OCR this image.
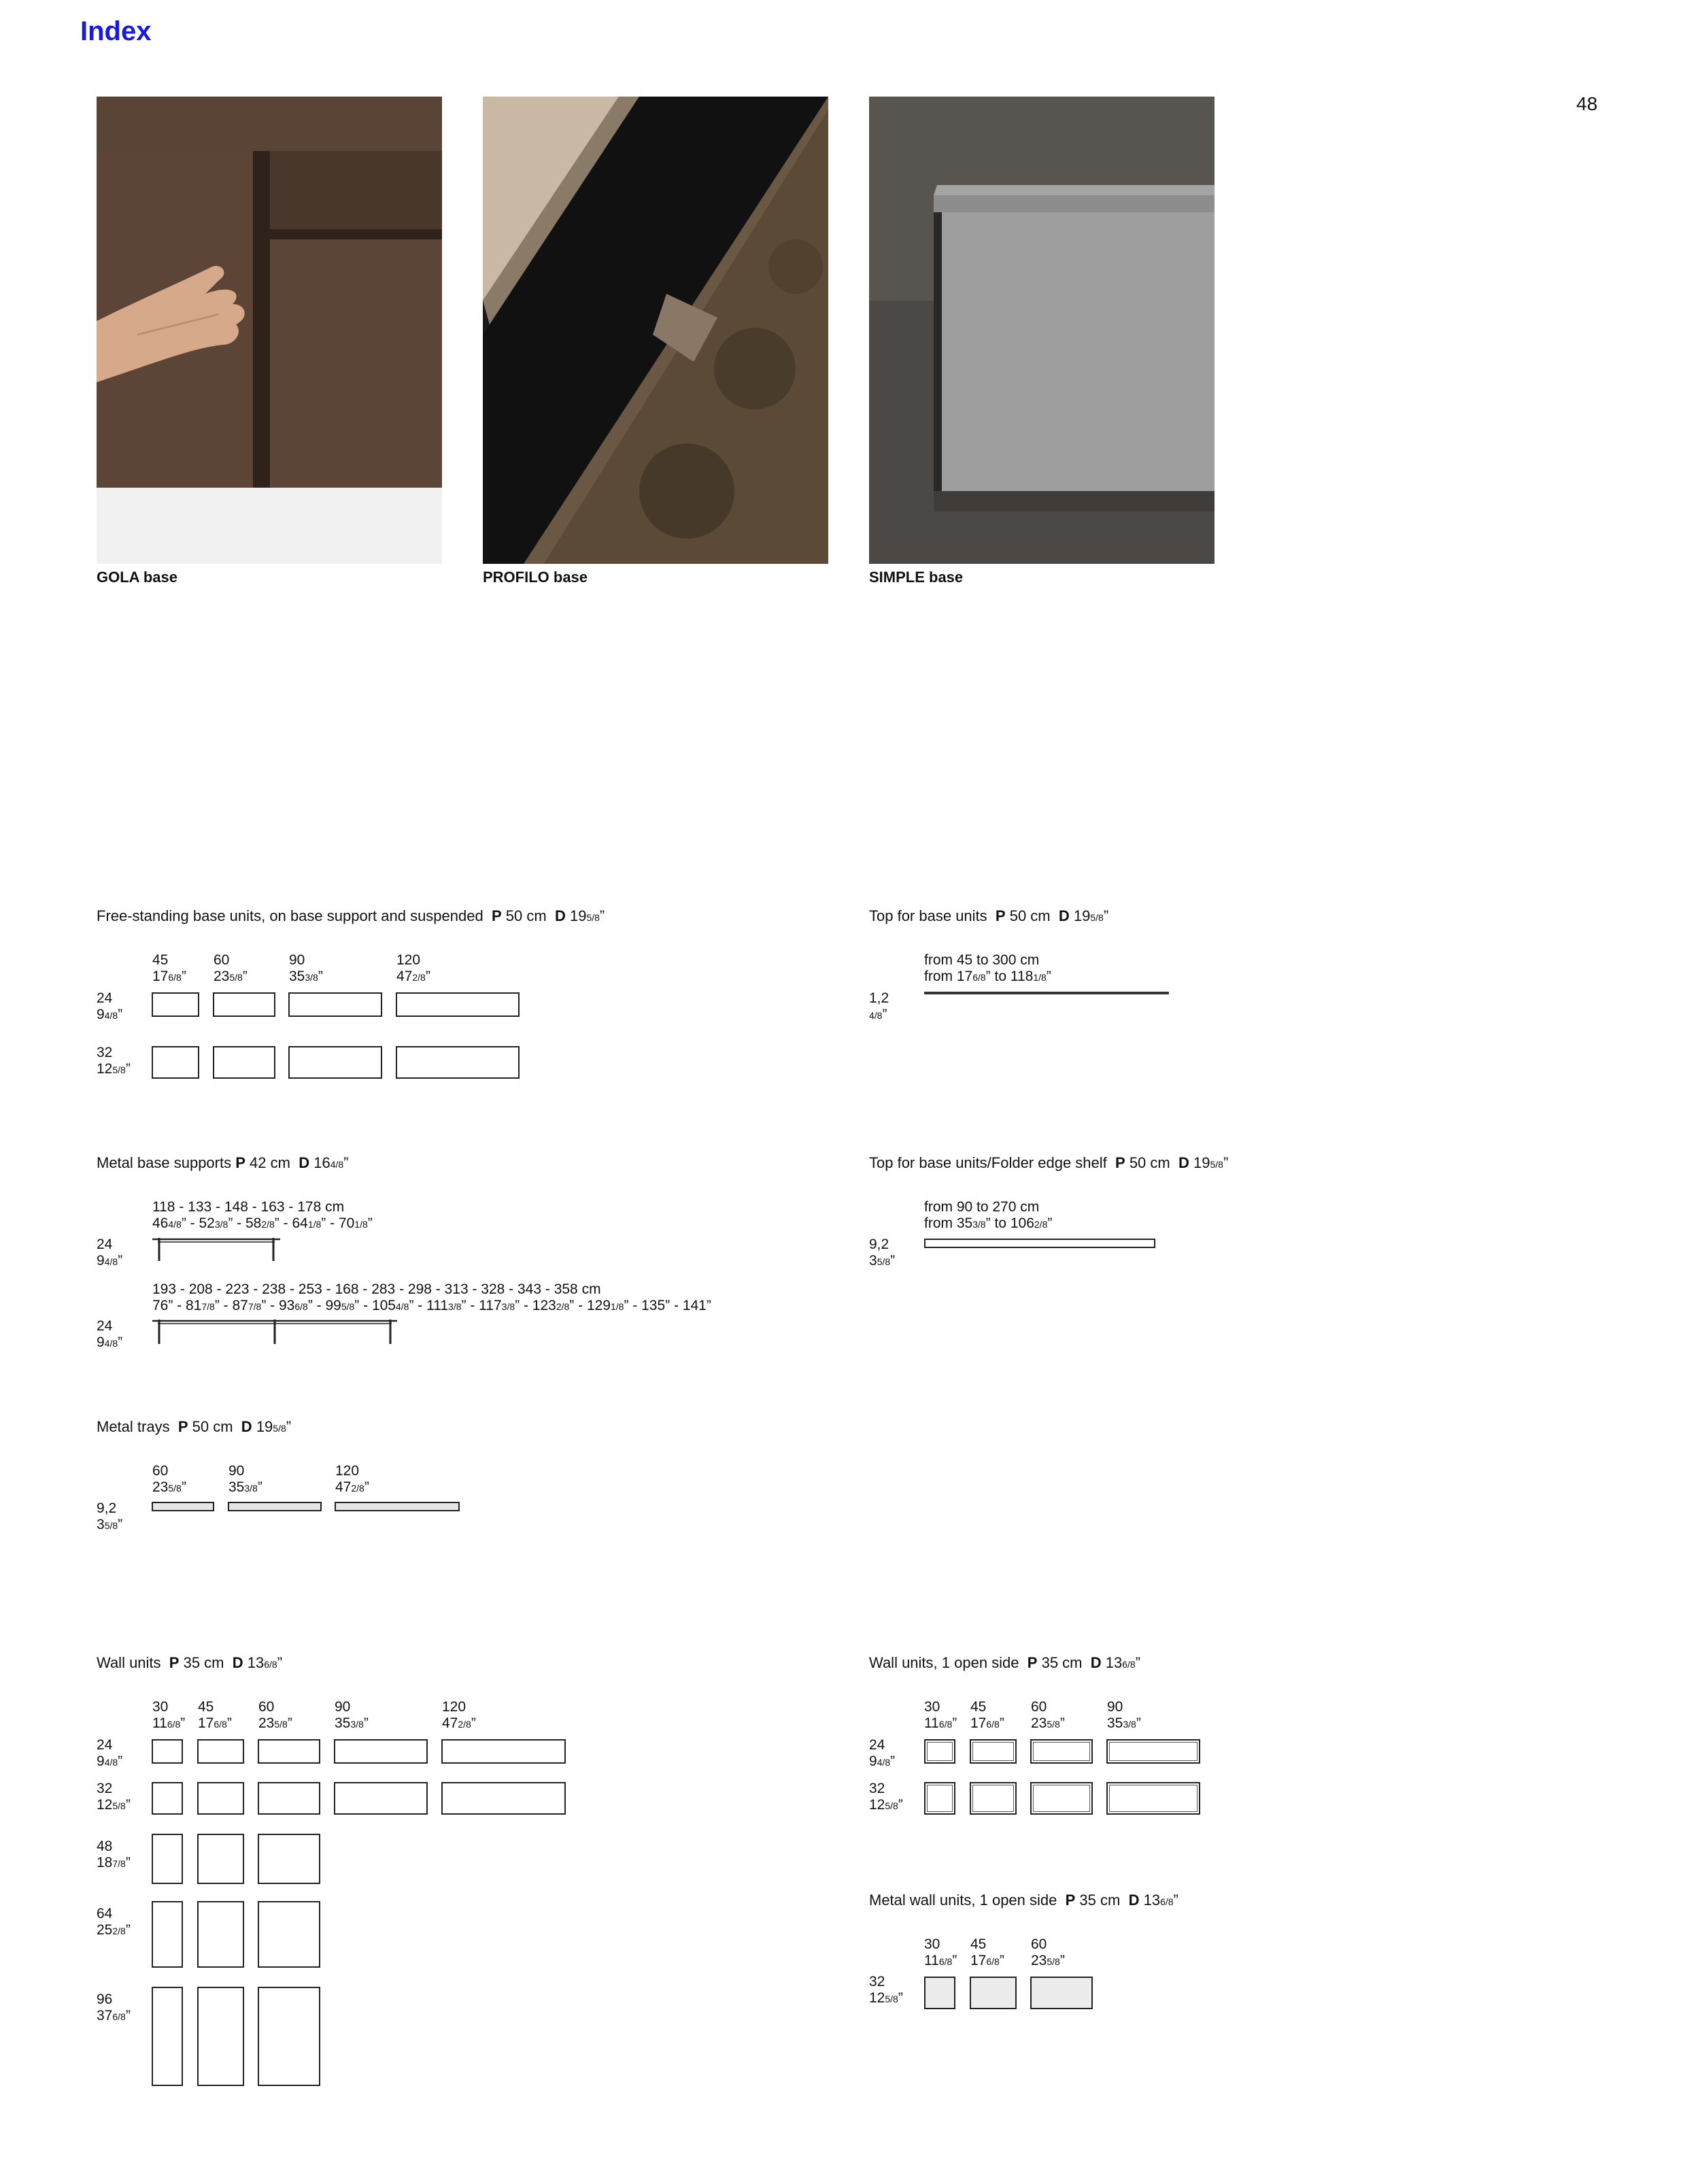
Index
48
GOLA base	PROFILO base	SIMPLE base
Free-standing base units, on base support and suspended P 50 cm D 195/8”
45
176/8”
60
235/8”
90
353/8”
120
472/8”
24
94/8”
32
125/8”
Top for base units P 50 cm D 195/8”
from 45 to 300 cm
from 176/8” to 1181/8”
1,2
4/8”
Metal base supports P 42 cm D 164/8”
118 - 133 - 148 - 163 - 178 cm
464/8” - 523/8” - 582/8” - 641/8” - 701/8”
24
94/8”
193 - 208 - 223 - 238 - 253 - 168 - 283 - 298 - 313 - 328 - 343 - 358 cm
76” - 817/8” - 877/8” - 936/8” - 995/8” - 1054/8” - 1113/8” - 1173/8” - 1232/8” - 1291/8” - 135” - 141”
24
94/8”
Top for base units/Folder edge shelf P 50 cm D 195/8”
from 90 to 270 cm
from 353/8” to 1062/8”
9,2
35/8”
Metal trays P 50 cm D 195/8”
60
235/8”
90
353/8”
120
472/8”
9,2
35/8”
Wall units P 35 cm D 136/8”
30
116/8”
45
176/8”
60
235/8”
90
353/8”
120
472/8”
24
94/8”
32
125/8”
48
187/8”
64
252/8”
96
376/8”
Wall units, 1 open side P 35 cm D 136/8”
30
116/8”
45
176/8”
60
235/8”
90
353/8”
24
94/8”
32
125/8”
Metal wall units, 1 open side P 35 cm D 136/8”
30
116/8”
45
176/8”
60
235/8”
32
125/8”
